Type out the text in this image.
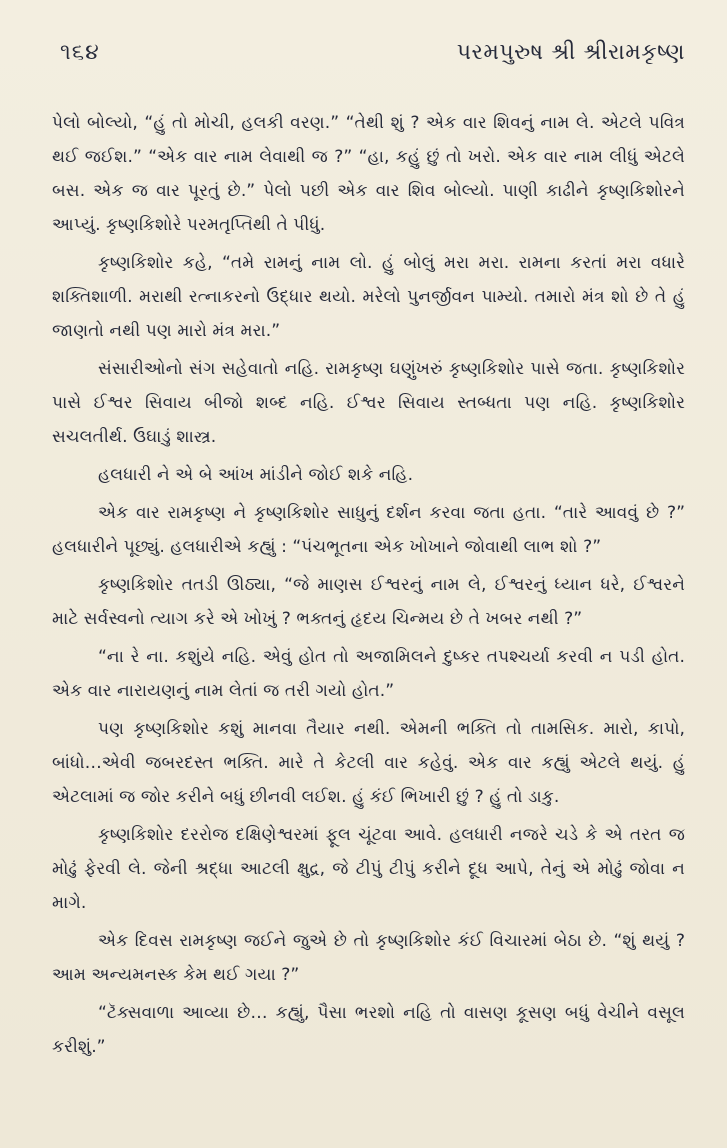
૧૬૪	પરમપુરુષ શ્રી શ્રીરામકૃષ્ણ

પેલો બોલ્યો, “હું તો મોચી, હલકી વરણ.” “તેથી શું ? એક વાર શિવનું નામ લે. એટલે પવિત્ર થઈ જઈશ.” “એક વાર નામ લેવાથી જ ?” “હા, કહું છું તો ખરો. એક વાર નામ લીધું એટલે બસ. એક જ વાર પૂરતું છે.” પેલો પછી એક વાર શિવ બોલ્યો. પાણી કાઢીને કૃષ્ણકિશોરને આપ્યું. કૃષ્ણકિશોરે પરમતૃપ્તિથી તે પીધું.

કૃષ્ણકિશોર કહે, “તમે રામનું નામ લો. હું બોલું મરા મરા. રામના કરતાં મરા વધારે શક્તિશાળી. મરાથી રત્નાકરનો ઉદ્ધાર થયો. મરેલો પુનર્જીવન પામ્યો. તમારો મંત્ર શો છે તે હું જાણતો નથી પણ મારો મંત્ર મરા.”

સંસારીઓનો સંગ સહેવાતો નહિ. રામકૃષ્ણ ઘણુંખરું કૃષ્ણકિશોર પાસે જતા. કૃષ્ણકિશોર પાસે ઈશ્વર સિવાય બીજો શબ્દ નહિ. ઈશ્વર સિવાય સ્તબ્ધતા પણ નહિ. કૃષ્ણકિશોર સચલતીર્થ. ઉઘાડું શાસ્ત્ર.

હલધારી ને એ બે આંખ માંડીને જોઈ શકે નહિ.

એક વાર રામકૃષ્ણ ને કૃષ્ણકિશોર સાધુનું દર્શન કરવા જતા હતા. “તારે આવવું છે ?” હલધારીને પૂછ્યું. હલધારીએ કહ્યું : “પંચભૂતના એક ખોખાને જોવાથી લાભ શો ?”

કૃષ્ણકિશોર તતડી ઊઠ્યા, “જે માણસ ઈશ્વરનું નામ લે, ઈશ્વરનું ધ્યાન ધરે, ઈશ્વરને માટે સર્વસ્વનો ત્યાગ કરે એ ખોખું ? ભક્તનું હૃદય ચિન્મય છે તે ખબર નથી ?”

“ના રે ના. કશુંયે નહિ. એવું હોત તો અજામિલને દુષ્કર તપશ્ચર્યા કરવી ન પડી હોત. એક વાર નારાયણનું નામ લેતાં જ તરી ગયો હોત.”

પણ કૃષ્ણકિશોર કશું માનવા તૈયાર નથી. એમની ભક્તિ તો તામસિક. મારો, કાપો, બાંધો…એવી જબરદસ્ત ભક્તિ. મારે તે કેટલી વાર કહેવું. એક વાર કહ્યું એટલે થયું. હું એટલામાં જ જોર કરીને બધું છીનવી લઈશ. હું કંઈ ભિખારી છું ? હું તો ડાકુ.

કૃષ્ણકિશોર દરરોજ દક્ષિણેશ્વરમાં ફૂલ ચૂંટવા આવે. હલધારી નજરે ચડે કે એ તરત જ મોઢું ફેરવી લે. જેની શ્રદ્ધા આટલી ક્ષુદ્ર, જે ટીપું ટીપું કરીને દૂધ આપે, તેનું એ મોઢું જોવા ન માગે.

એક દિવસ રામકૃષ્ણ જઈને જુએ છે તો કૃષ્ણકિશોર કંઈ વિચારમાં બેઠા છે. “શું થયું ? આમ અન્યમનસ્ક કેમ થઈ ગયા ?”

“ટૅક્સવાળા આવ્યા છે… કહ્યું, પૈસા ભરશો નહિ તો વાસણ કૂસણ બધું વેચીને વસૂલ કરીશું.”
